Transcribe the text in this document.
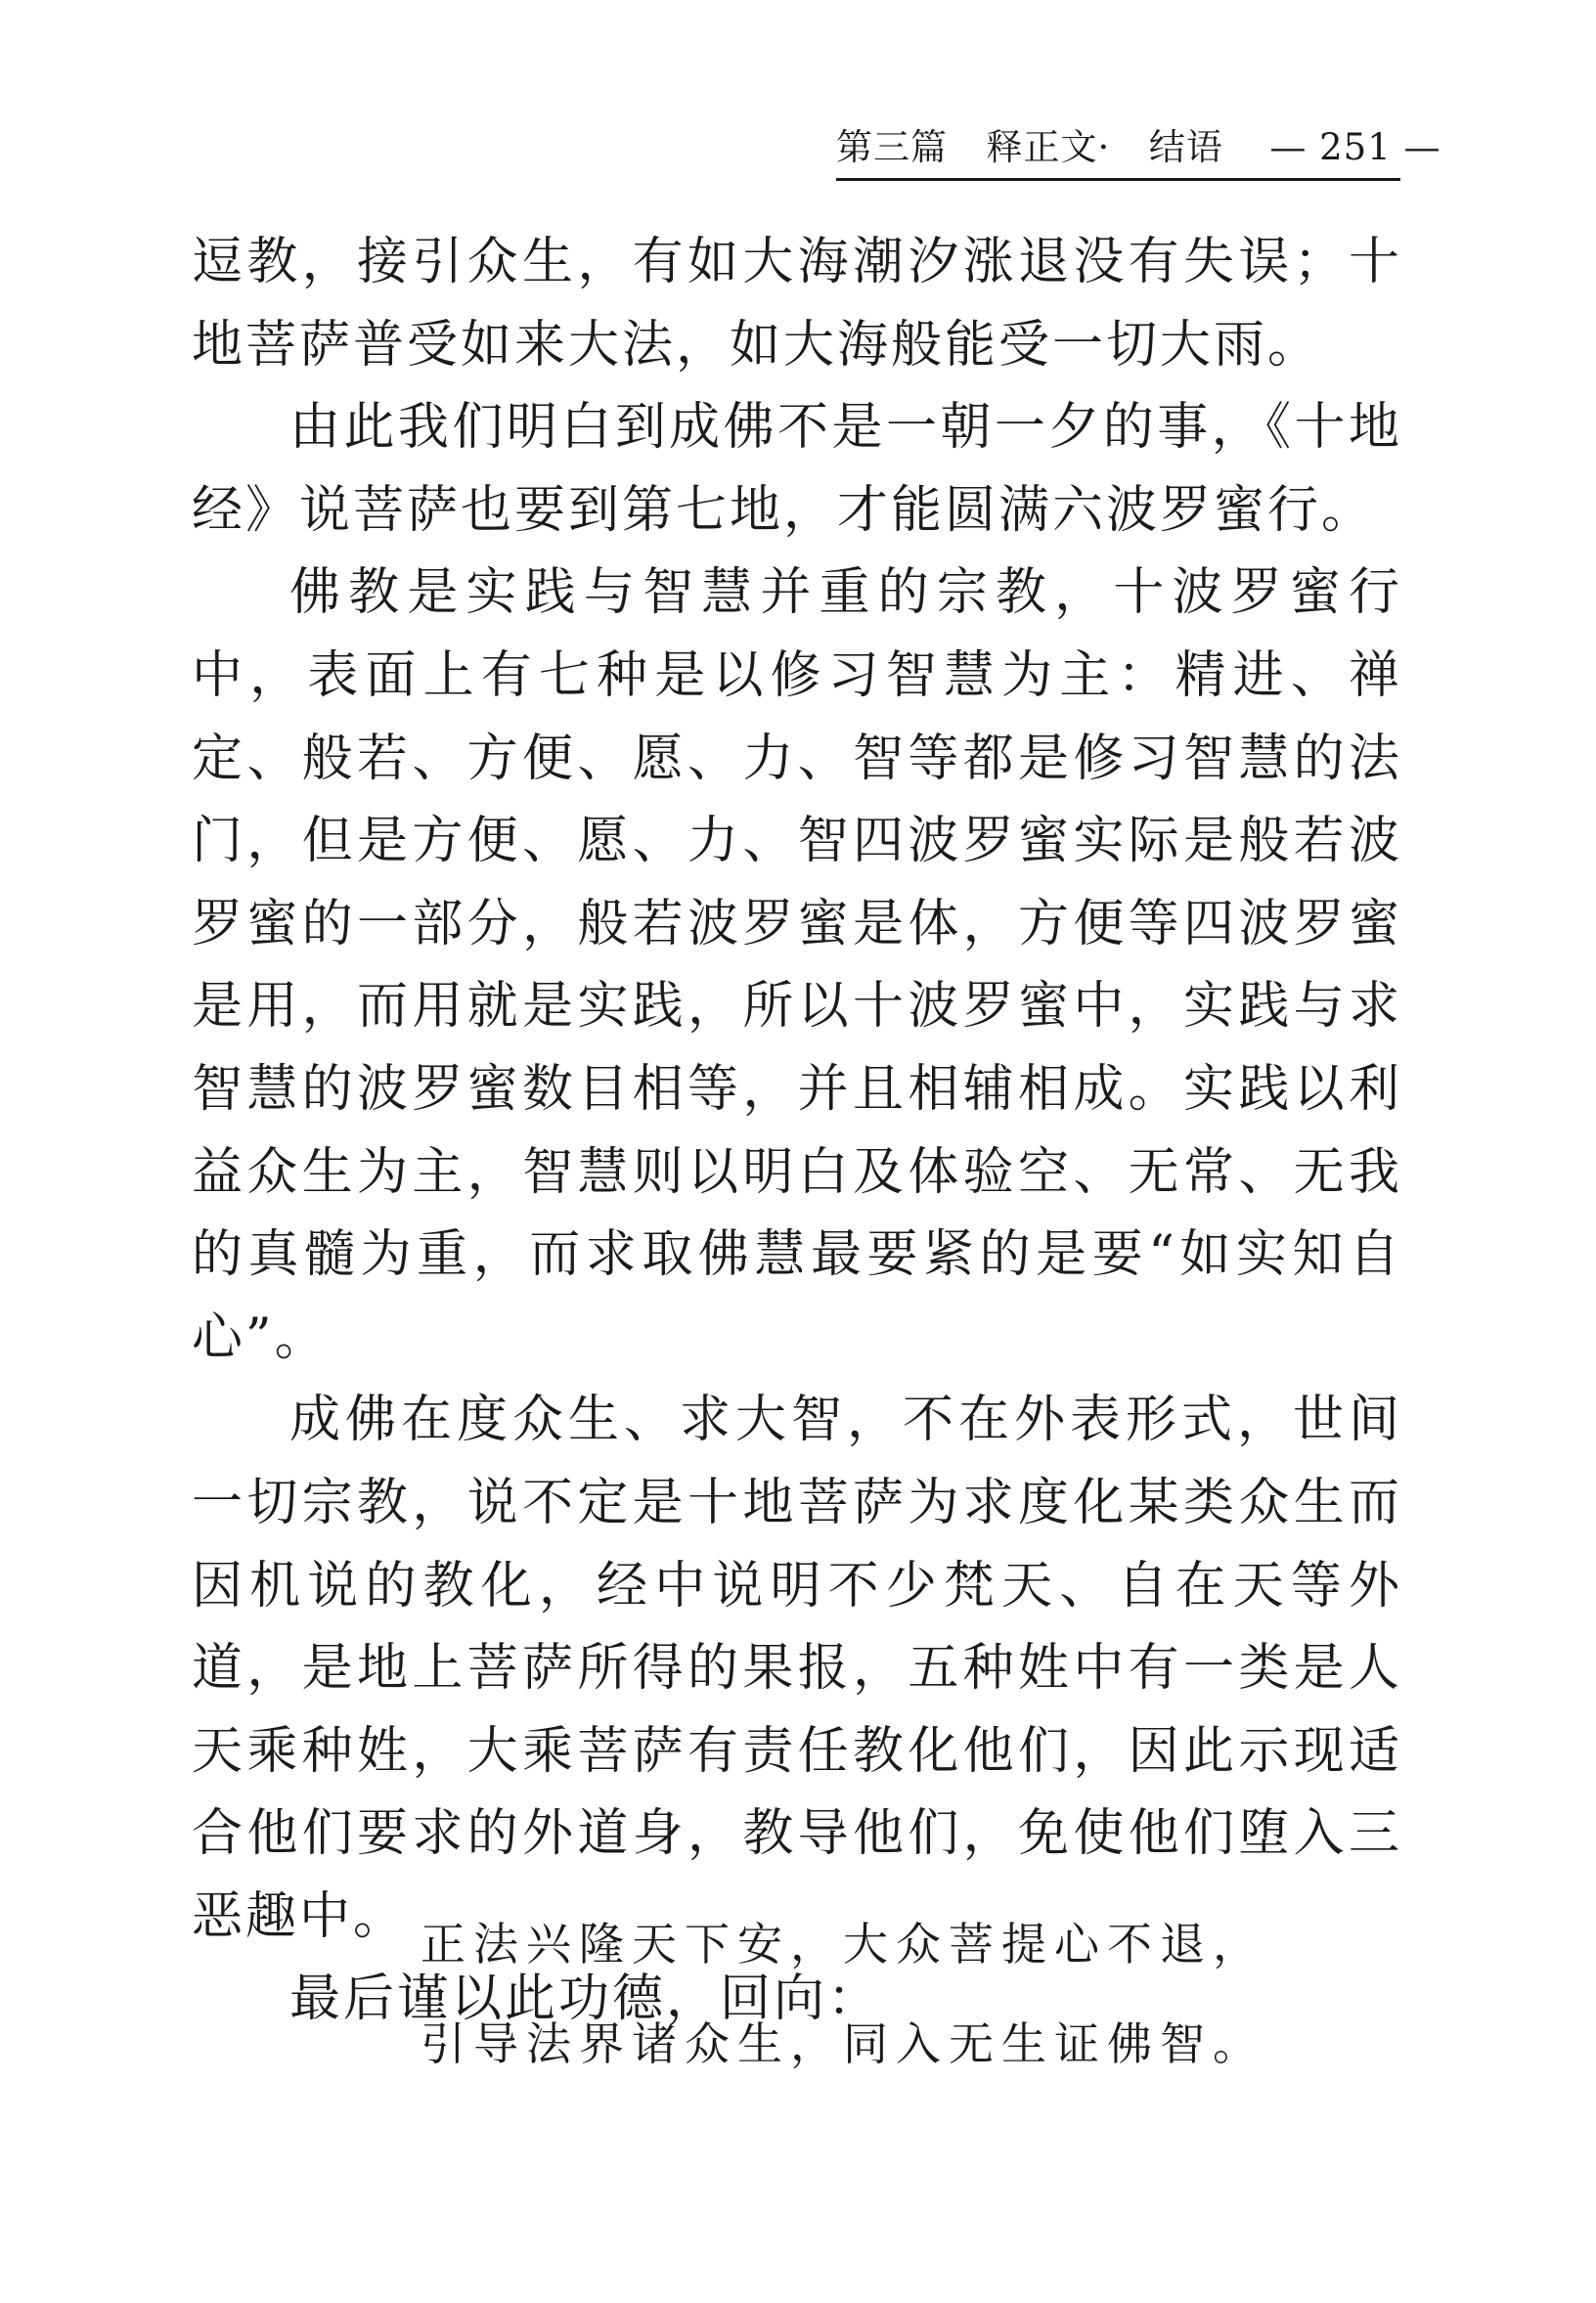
第三篇 释正文· 结语 — 251 —

逗教，接引众生，有如大海潮汐涨退没有失误；十地菩萨普受如来大法，如大海般能受一切大雨。

由此我们明白到成佛不是一朝一夕的事，《十地经》说菩萨也要到第七地，才能圆满六波罗蜜行。

佛教是实践与智慧并重的宗教，十波罗蜜行中，表面上有七种是以修习智慧为主：精进、禅定、般若、方便、愿、力、智等都是修习智慧的法门，但是方便、愿、力、智四波罗蜜实际是般若波罗蜜的一部分，般若波罗蜜是体，方便等四波罗蜜是用，而用就是实践，所以十波罗蜜中，实践与求智慧的波罗蜜数目相等，并且相辅相成。实践以利益众生为主，智慧则以明白及体验空、无常、无我的真髓为重，而求取佛慧最要紧的是要“如实知自心”。

成佛在度众生、求大智，不在外表形式，世间一切宗教，说不定是十地菩萨为求度化某类众生而因机说的教化，经中说明不少梵天、自在天等外道，是地上菩萨所得的果报，五种姓中有一类是人天乘种姓，大乘菩萨有责任教化他们，因此示现适合他们要求的外道身，教导他们，免使他们堕入三恶趣中。

最后谨以此功德，回向：

正法兴隆天下安，大众菩提心不退，
引导法界诸众生，同入无生证佛智。
